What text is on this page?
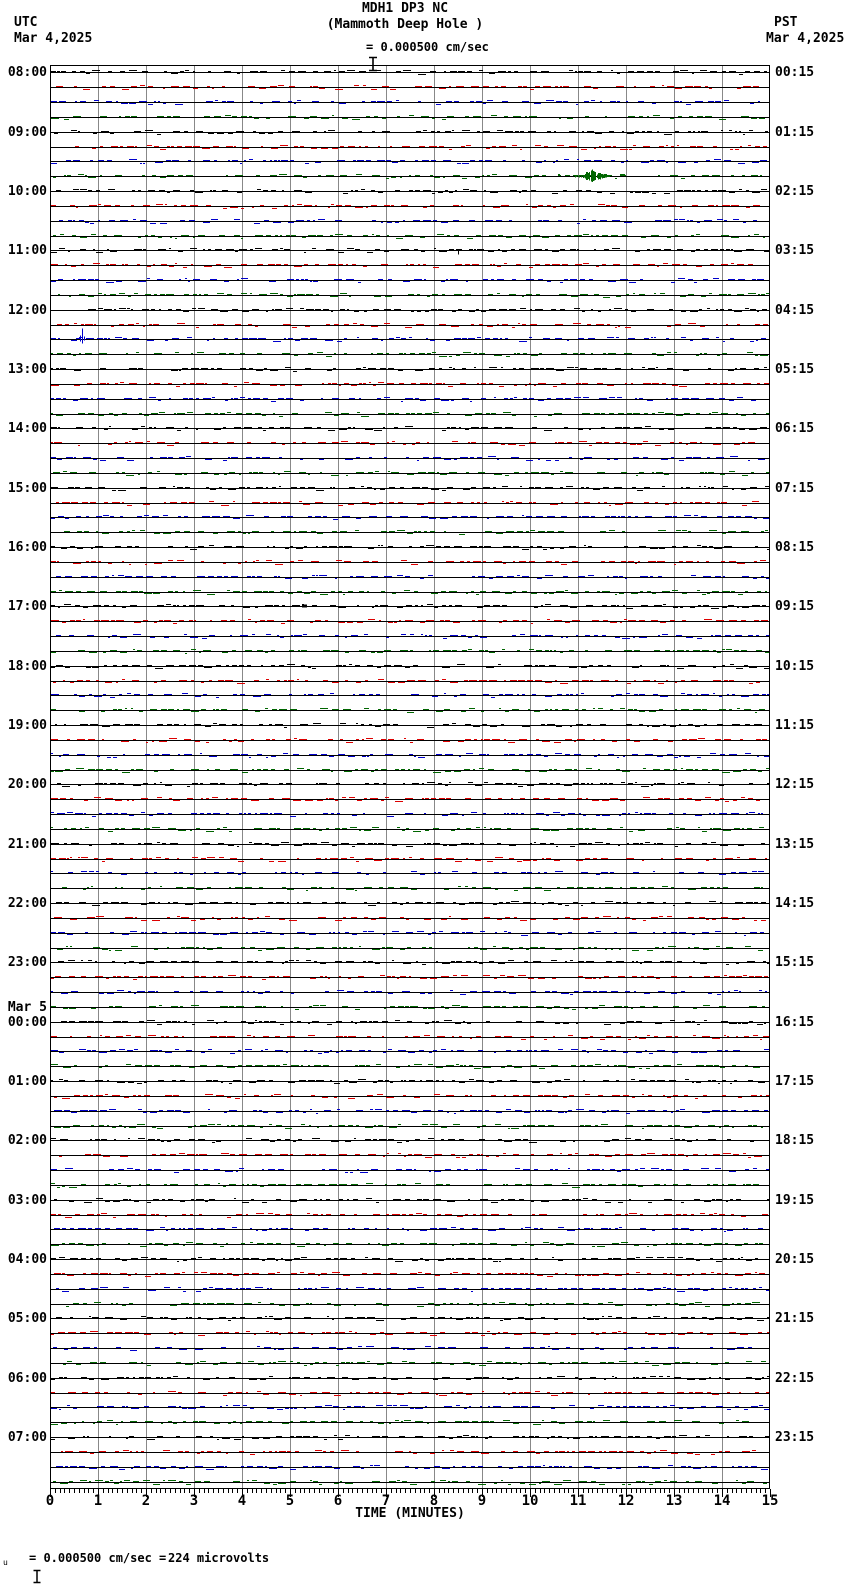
UTC
Mar 4,2025
MDH1 DP3 NC
(Mammoth Deep Hole )

= 0.000500 cm/sec
PST
Mar 4,2025
08:00	00:15
09:00	01:15
10:00	02:15
11:00	03:15
12:00	04:15
13:00	05:15
14:00	06:15
15:00	07:15
16:00	08:15
17:00	09:15
18:00	10:15
19:00	11:15
20:00	12:15
21:00	13:15
22:00	14:15
23:00	15:15
00:00	16:15
Mar 5
01:00	17:15
02:00	18:15
03:00	19:15
04:00	20:15
05:00	21:15
06:00	22:15
07:00	23:15
0	1	2	3	4	5	6	7	8	9	10	11	12	13	14	15
TIME (MINUTES)
u

= 0.000500 cm/sec = 224 microvolts
